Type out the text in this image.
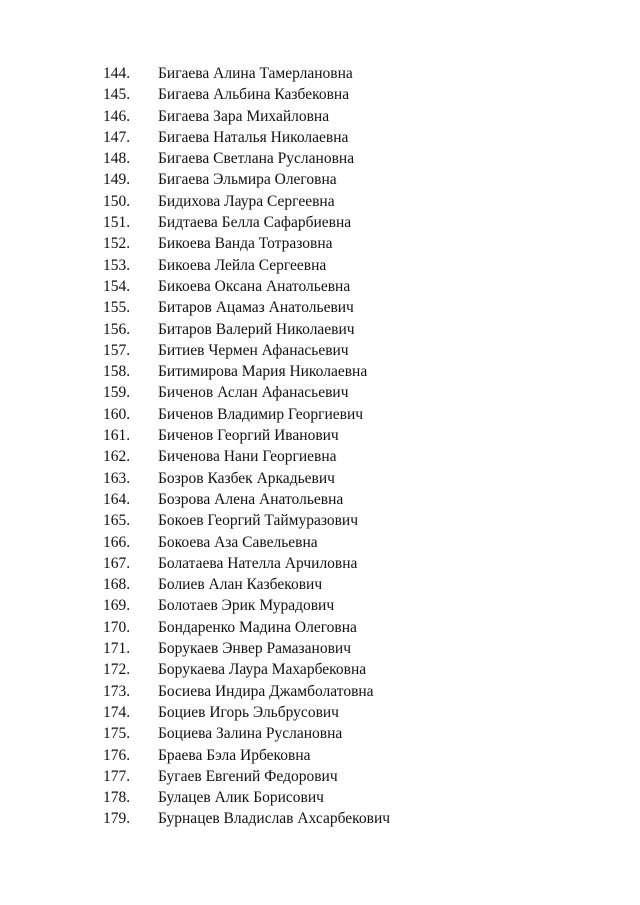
144. Бигаева Алина Тамерлановна
145. Бигаева Альбина Казбековна
146. Бигаева Зара Михайловна
147. Бигаева Наталья Николаевна
148. Бигаева Светлана Руслановна
149. Бигаева Эльмира Олеговна
150. Бидихова Лаура Сергеевна
151. Бидтаева Белла Сафарбиевна
152. Бикоева Ванда Тотразовна
153. Бикоева Лейла Сергеевна
154. Бикоева Оксана Анатольевна
155. Битаров Ацамаз Анатольевич
156. Битаров Валерий Николаевич
157. Битиев Чермен Афанасьевич
158. Битимирова Мария Николаевна
159. Биченов Аслан Афанасьевич
160. Биченов Владимир Георгиевич
161. Биченов Георгий Иванович
162. Биченова Нани Георгиевна
163. Бозров Казбек Аркадьевич
164. Бозрова Алена Анатольевна
165. Бокоев Георгий Таймуразович
166. Бокоева Аза Савельевна
167. Болатаева Нателла Арчиловна
168. Болиев Алан Казбекович
169. Болотаев Эрик Мурадович
170. Бондаренко Мадина Олеговна
171. Борукаев Энвер Рамазанович
172. Борукаева Лаура Махарбековна
173. Босиева Индира Джамболатовна
174. Боциев Игорь Эльбрусович
175. Боциева Залина Руслановна
176. Браева Бэла Ирбековна
177. Бугаев Евгений Федорович
178. Булацев Алик Борисович
179. Бурнацев Владислав Ахсарбекович
